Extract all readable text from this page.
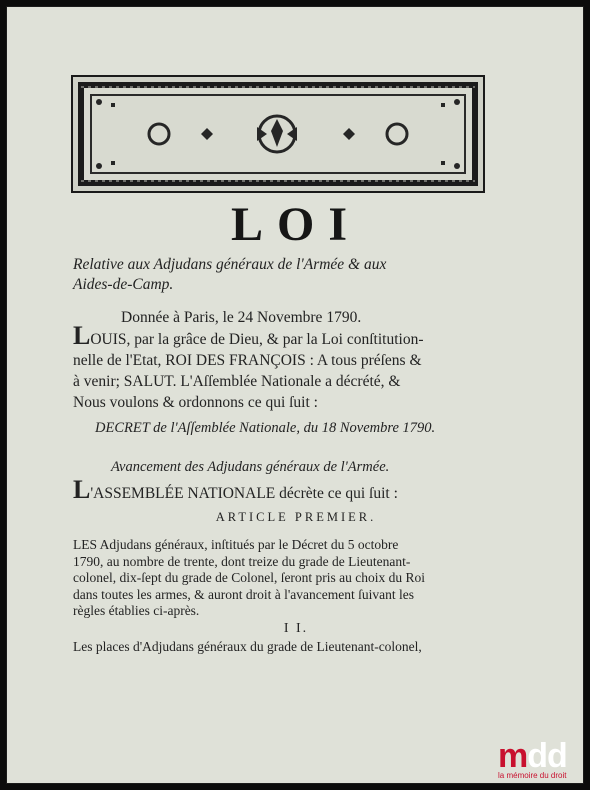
LOI
Relative aux Adjudans généraux de l'Armée & aux
Aides-de-Camp.
Donnée à Paris, le 24 Novembre 1790.
LOUIS, par la grâce de Dieu, & par la Loi conſtitution-
nelle de l'Etat, ROI DES FRANÇOIS : A tous préſens &
à venir; SALUT. L'Aſſemblée Nationale a décrété, &
Nous voulons & ordonnons ce qui ſuit :
DECRET de l'Aſſemblée Nationale, du 18 Novembre 1790.
Avancement des Adjudans généraux de l'Armée.
L'ASSEMBLÉE NATIONALE décrète ce qui ſuit :
ARTICLE PREMIER.
LES Adjudans généraux, inſtitués par le Décret du 5 octobre
1790, au nombre de trente, dont treize du grade de Lieutenant-
colonel, dix-ſept du grade de Colonel, ſeront pris au choix du Roi
dans toutes les armes, & auront droit à l'avancement ſuivant les
règles établies ci-après.
I I.
Les places d'Adjudans généraux du grade de Lieutenant-colonel,
mdd
la mémoire du droit
